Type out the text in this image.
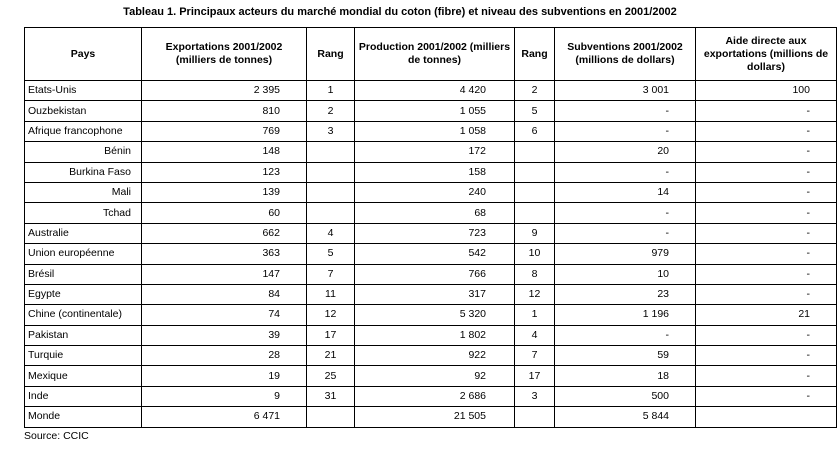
Tableau 1. Principaux acteurs du marché mondial du coton (fibre) et niveau des subventions en 2001/2002
Pays	Exportations 2001/2002 (milliers de tonnes)	Rang	Production 2001/2002 (milliers de tonnes)	Rang	Subventions 2001/2002 (millions de dollars)	Aide directe aux exportations (millions de dollars)
Etats-Unis	2 395	1	4 420	2	3 001	100
Ouzbekistan	810	2	1 055	5	-	-
Afrique francophone	769	3	1 058	6	-	-
Bénin	148		172		20	-
Burkina Faso	123		158		-	-
Mali	139		240		14	-
Tchad	60		68		-	-
Australie	662	4	723	9	-	-
Union européenne	363	5	542	10	979	-
Brésil	147	7	766	8	10	-
Egypte	84	11	317	12	23	-
Chine (continentale)	74	12	5 320	1	1 196	21
Pakistan	39	17	1 802	4	-	-
Turquie	28	21	922	7	59	-
Mexique	19	25	92	17	18	-
Inde	9	31	2 686	3	500	-
Monde	6 471		21 505		5 844	
Source: CCIC
